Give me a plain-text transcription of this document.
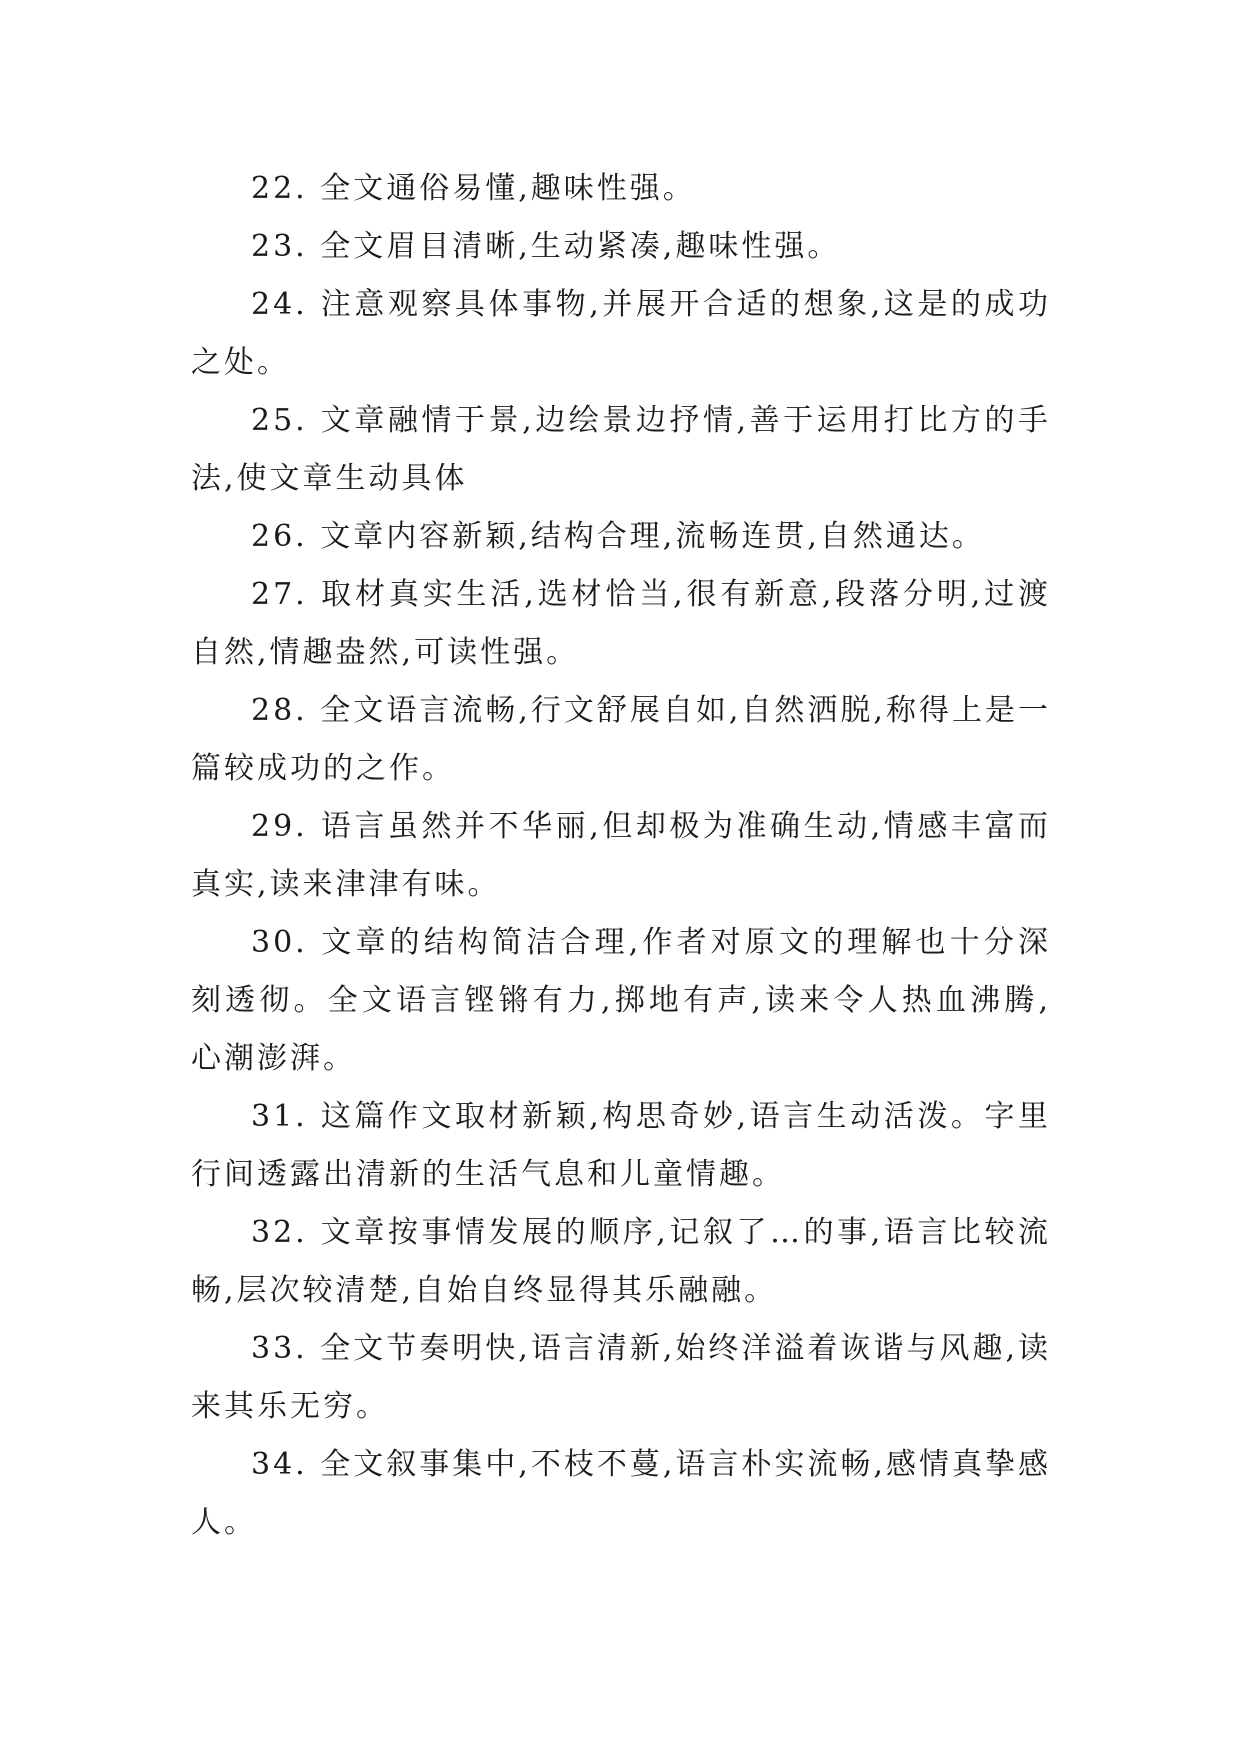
22. 全文通俗易懂,趣味性强。

23. 全文眉目清晰,生动紧凑,趣味性强。

24. 注意观察具体事物,并展开合适的想象,这是的成功之处。

25. 文章融情于景,边绘景边抒情,善于运用打比方的手法,使文章生动具体

26. 文章内容新颖,结构合理,流畅连贯,自然通达。

27. 取材真实生活,选材恰当,很有新意,段落分明,过渡自然,情趣盎然,可读性强。

28. 全文语言流畅,行文舒展自如,自然洒脱,称得上是一篇较成功的之作。

29. 语言虽然并不华丽,但却极为准确生动,情感丰富而真实,读来津津有味。

30. 文章的结构简洁合理,作者对原文的理解也十分深刻透彻。全文语言铿锵有力,掷地有声,读来令人热血沸腾,心潮澎湃。

31. 这篇作文取材新颖,构思奇妙,语言生动活泼。字里行间透露出清新的生活气息和儿童情趣。

32. 文章按事情发展的顺序,记叙了…的事,语言比较流畅,层次较清楚,自始自终显得其乐融融。

33. 全文节奏明快,语言清新,始终洋溢着诙谐与风趣,读来其乐无穷。

34. 全文叙事集中,不枝不蔓,语言朴实流畅,感情真挚感人。
